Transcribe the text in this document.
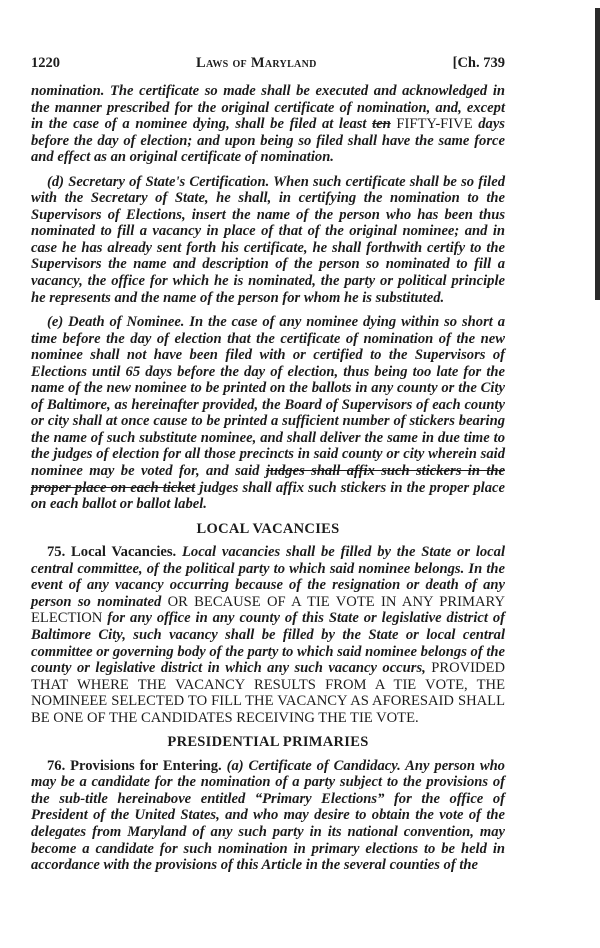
1220	Laws of Maryland	[Ch. 739

nomination. The certificate so made shall be executed and acknowledged in the manner prescribed for the original certificate of nomination, and, except in the case of a nominee dying, shall be filed at least ten FIFTY-FIVE days before the day of election; and upon being so filed shall have the same force and effect as an original certificate of nomination.

(d) Secretary of State's Certification. When such certificate shall be so filed with the Secretary of State, he shall, in certifying the nomination to the Supervisors of Elections, insert the name of the person who has been thus nominated to fill a vacancy in place of that of the original nominee; and in case he has already sent forth his certificate, he shall forthwith certify to the Supervisors the name and description of the person so nominated to fill a vacancy, the office for which he is nominated, the party or political principle he represents and the name of the person for whom he is substituted.

(e) Death of Nominee. In the case of any nominee dying within so short a time before the day of election that the certificate of nomination of the new nominee shall not have been filed with or certified to the Supervisors of Elections until 65 days before the day of election, thus being too late for the name of the new nominee to be printed on the ballots in any county or the City of Baltimore, as hereinafter provided, the Board of Supervisors of each county or city shall at once cause to be printed a sufficient number of stickers bearing the name of such substitute nominee, and shall deliver the same in due time to the judges of election for all those precincts in said county or city wherein said nominee may be voted for, and said judges shall affix such stickers in the proper place on each ticket judges shall affix such stickers in the proper place on each ballot or ballot label.

LOCAL VACANCIES

75. Local Vacancies. Local vacancies shall be filled by the State or local central committee, of the political party to which said nominee belongs. In the event of any vacancy occurring because of the resignation or death of any person so nominated OR BECAUSE OF A TIE VOTE IN ANY PRIMARY ELECTION for any office in any county of this State or legislative district of Baltimore City, such vacancy shall be filled by the State or local central committee or governing body of the party to which said nominee belongs of the county or legislative district in which any such vacancy occurs, PROVIDED THAT WHERE THE VACANCY RESULTS FROM A TIE VOTE, THE NOMINEEE SELECTED TO FILL THE VACANCY AS AFORESAID SHALL BE ONE OF THE CANDIDATES RECEIVING THE TIE VOTE.

PRESIDENTIAL PRIMARIES

76. Provisions for Entering. (a) Certificate of Candidacy. Any person who may be a candidate for the nomination of a party subject to the provisions of the sub-title hereinabove entitled “Primary Elections” for the office of President of the United States, and who may desire to obtain the vote of the delegates from Maryland of any such party in its national convention, may become a candidate for such nomination in primary elections to be held in accordance with the provisions of this Article in the several counties of the
